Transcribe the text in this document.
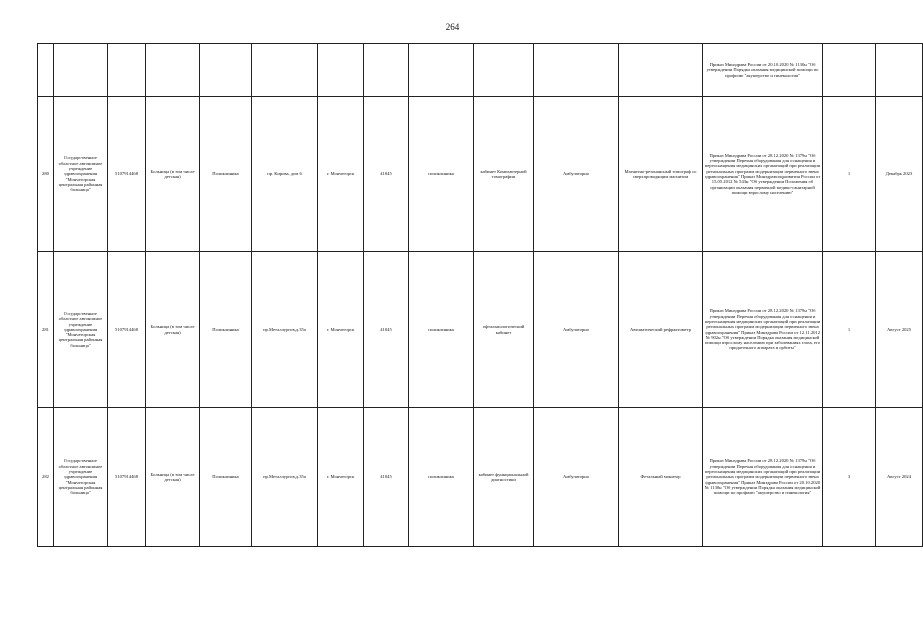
264
												Приказ Минздрава России от 20.10.2020 № 1130н "Об утверждении Порядка оказания медицинской помощи по профилю "акушерство и гинекология"		
280	Государственное областное автономное учреждение здравоохранения "Мончегорская центральная районная больница"	5107914468	Больница (в том числе детская)	Поликлиника	пр. Кирова, дом 6	г. Мончегорск	41045	поликлиника	кабинет Компьютерной томографии	Амбулаторно	Магнитно-резонансный томограф со сверхпроводящим магнитом	Приказ Минздрава России от 28.12.2020 № 1379н "Об утверждении Перечня оборудования для оснащения и переоснащения медицинских организаций при реализации региональных программ модернизации первичного звена здравоохранения" Приказ Минздравсоцразвития России от 15.05.2012 № 543н "Об утверждении Положения об организации оказания первичной медико-санитарной помощи взрослому населению"	1	Декабрь 2023
281	Государственное областное автономное учреждение здравоохранения "Мончегорская центральная районная больница"	5107914468	Больница (в том числе детская)	Поликлиника	пр.Металлургов,д.35а	г. Мончегорск	41045	поликлиника	офтальмологический кабинет	Амбулаторно	Автоматический рефрактометр	Приказ Минздрава России от 28.12.2020 № 1379н "Об утверждении Перечня оборудования для оснащения и переоснащения медицинских организаций при реализации региональных программ модернизации первичного звена здравоохранения" Приказ Минздрава России от 12.11.2012 № 902н "Об утверждении Порядка оказания медицинской помощи взрослому населению при заболеваниях глаза, его придаточного аппарата и орбиты"	1	Август 2025
282	Государственное областное автономное учреждение здравоохранения "Мончегорская центральная районная больница"	5107914468	Больница (в том числе детская)	Поликлиника	пр.Металлургов,д.35а	г. Мончегорск	41045	поликлиника	кабинет функциональной диагностики	Амбулаторно	Фетальный монитор	Приказ Минздрава России от 28.12.2020 № 1379н "Об утверждении Перечня оборудования для оснащения и переоснащения медицинских организаций при реализации региональных программ модернизации первичного звена здравоохранения" Приказ Минздрава России от 20.10.2020 № 1130н "Об утверждении Порядка оказания медицинской помощи по профилю "акушерство и гинекология"	3	Август 2024
